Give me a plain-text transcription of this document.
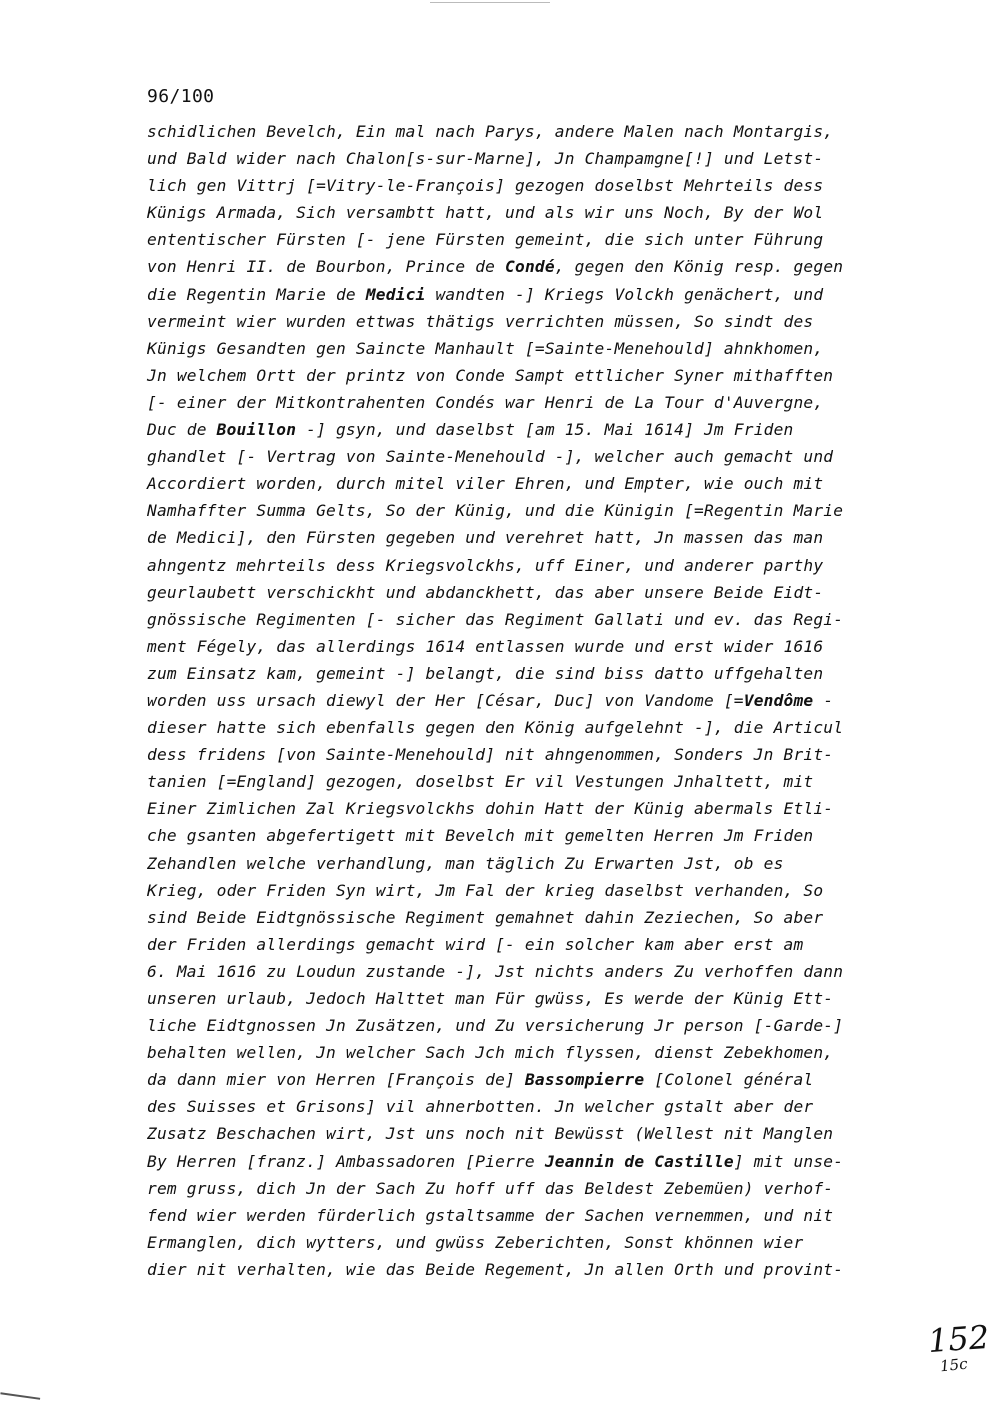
96/100
schidlichen Bevelch, Ein mal nach Parys, andere Malen nach Montargis,
und Bald wider nach Chalon[s-sur-Marne], Jn Champamgne[!] und Letst-
lich gen Vittrj [=Vitry-le-François] gezogen doselbst Mehrteils dess
Künigs Armada, Sich versambtt hatt, und als wir uns Noch, By der Wol
ententischer Fürsten [- jene Fürsten gemeint, die sich unter Führung
von Henri II. de Bourbon, Prince de Condé, gegen den König resp. gegen
die Regentin Marie de Medici wandten -] Kriegs Volckh genächert, und
vermeint wier wurden ettwas thätigs verrichten müssen, So sindt des
Künigs Gesandten gen Saincte Manhault [=Sainte-Menehould] ahnkhomen,
Jn welchem Ortt der printz von Conde Sampt ettlicher Syner mithafften
[- einer der Mitkontrahenten Condés war Henri de La Tour d'Auvergne,
Duc de Bouillon -] gsyn, und daselbst [am 15. Mai 1614] Jm Friden
ghandlet [- Vertrag von Sainte-Menehould -], welcher auch gemacht und
Accordiert worden, durch mitel viler Ehren, und Empter, wie ouch mit
Namhaffter Summa Gelts, So der Künig, und die Künigin [=Regentin Marie
de Medici], den Fürsten gegeben und verehret hatt, Jn massen das man
ahngentz mehrteils dess Kriegsvolckhs, uff Einer, und anderer parthy
geurlaubett verschickht und abdanckhett, das aber unsere Beide Eidt-
gnössische Regimenten [- sicher das Regiment Gallati und ev. das Regi-
ment Fégely, das allerdings 1614 entlassen wurde und erst wider 1616
zum Einsatz kam, gemeint -] belangt, die sind biss datto uffgehalten
worden uss ursach diewyl der Her [César, Duc] von Vandome [=Vendôme -
dieser hatte sich ebenfalls gegen den König aufgelehnt -], die Articul
dess fridens [von Sainte-Menehould] nit ahngenommen, Sonders Jn Brit-
tanien [=England] gezogen, doselbst Er vil Vestungen Jnhaltett, mit
Einer Zimlichen Zal Kriegsvolckhs dohin Hatt der Künig abermals Etli-
che gsanten abgefertigett mit Bevelch mit gemelten Herren Jm Friden
Zehandlen welche verhandlung, man täglich Zu Erwarten Jst, ob es
Krieg, oder Friden Syn wirt, Jm Fal der krieg daselbst verhanden, So
sind Beide Eidtgnössische Regiment gemahnet dahin Zeziechen, So aber
der Friden allerdings gemacht wird [- ein solcher kam aber erst am
6. Mai 1616 zu Loudun zustande -], Jst nichts anders Zu verhoffen dann
unseren urlaub, Jedoch Halttet man Für gwüss, Es werde der Künig Ett-
liche Eidtgnossen Jn Zusätzen, und Zu versicherung Jr person [-Garde-]
behalten wellen, Jn welcher Sach Jch mich flyssen, dienst Zebekhomen,
da dann mier von Herren [François de] Bassompierre [Colonel général
des Suisses et Grisons] vil ahnerbotten. Jn welcher gstalt aber der
Zusatz Beschachen wirt, Jst uns noch nit Bewüsst (Wellest nit Manglen
By Herren [franz.] Ambassadoren [Pierre Jeannin de Castille] mit unse-
rem gruss, dich Jn der Sach Zu hoff uff das Beldest Zebemüen) verhof-
fend wier werden fürderlich gstaltsamme der Sachen vernemmen, und nit
Ermanglen, dich wytters, und gwüss Zeberichten, Sonst khönnen wier
dier nit verhalten, wie das Beide Regement, Jn allen Orth und provint-
152
15c
